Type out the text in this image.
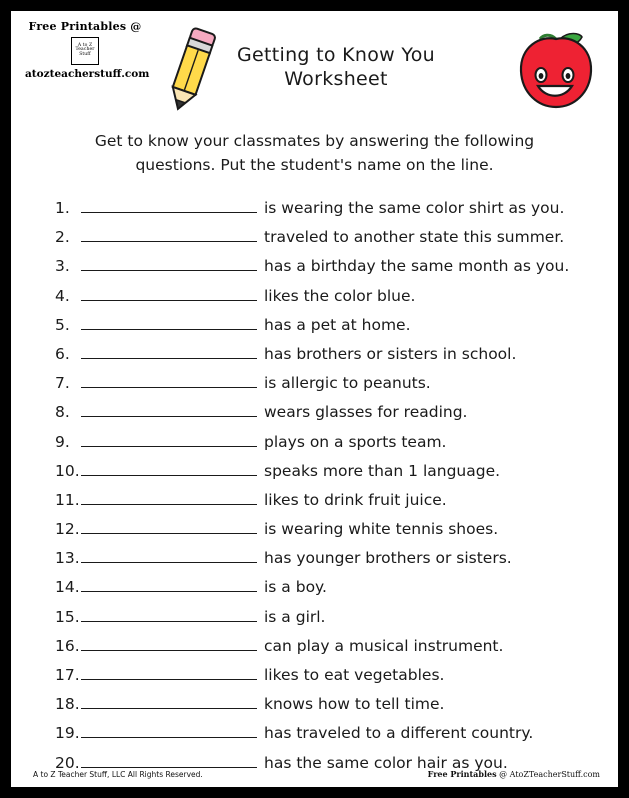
Free Printables @
A to Z
Teacher
Stuff
atozteacherstuff.com
Getting to Know You
Worksheet
Get to know your classmates by answering the following questions. Put the student's name on the line.
1.	is wearing the same color shirt as you.
2.	traveled to another state this summer.
3.	has a birthday the same month as you.
4.	likes the color blue.
5.	has a pet at home.
6.	has brothers or sisters in school.
7.	is allergic to peanuts.
8.	wears glasses for reading.
9.	plays on a sports team.
10.	speaks more than 1 language.
11.	likes to drink fruit juice.
12.	is wearing white tennis shoes.
13.	has younger brothers or sisters.
14.	is a boy.
15.	is a girl.
16.	can play a musical instrument.
17.	likes to eat vegetables.
18.	knows how to tell time.
19.	has traveled to a different country.
20.	has the same color hair as you.
A to Z Teacher Stuff, LLC All Rights Reserved.	Free Printables @ AtoZTeacherStuff.com
